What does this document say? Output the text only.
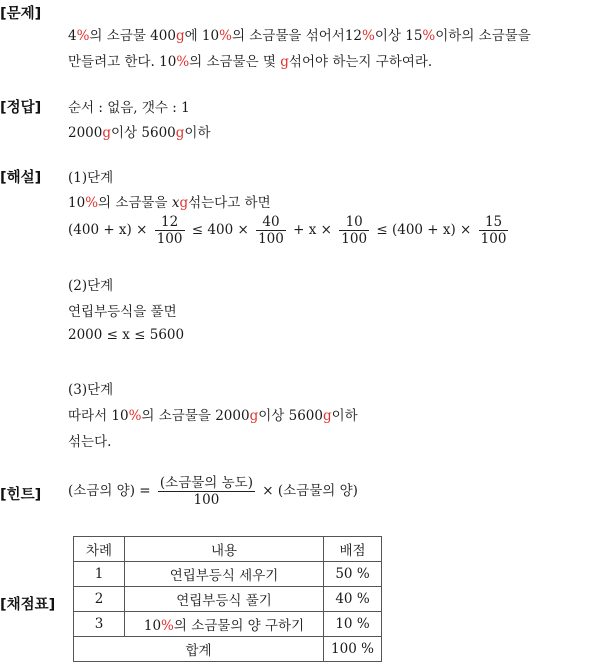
[문제]
[정답]
[해설]
[힌트]
[채점표]
4%의 소금물 400g에 10%의 소금물을 섞어서12%이상 15%이하의 소금물을
만들려고 한다. 10%의 소금물은 몇 g섞어야 하는지 구하여라.
순서 : 없음, 갯수 : 1
2000g이상 5600g이하
(1)단계
10%의 소금물을 xg섞는다고 하면
$(400 + x) \times \frac{12}{100} \le 400 \times \frac{40}{100} + x \times \frac{10}{100} \le (400 + x) \times \frac{15}{100}$
(2)단계
연립부등식을 풀면
2000 ≤ x ≤ 5600
(3)단계
따라서 10%의 소금물을 2000g이상 5600g이하
섞는다.
(소금의 양) = $\frac{\text{(소금물의 농도)}}{100}$ × (소금물의 양)
차례	내용	배점
1	연립부등식 세우기	50 %
2	연립부등식 풀기	40 %
3	10%의 소금물의 양 구하기	10 %
합계		100 %
